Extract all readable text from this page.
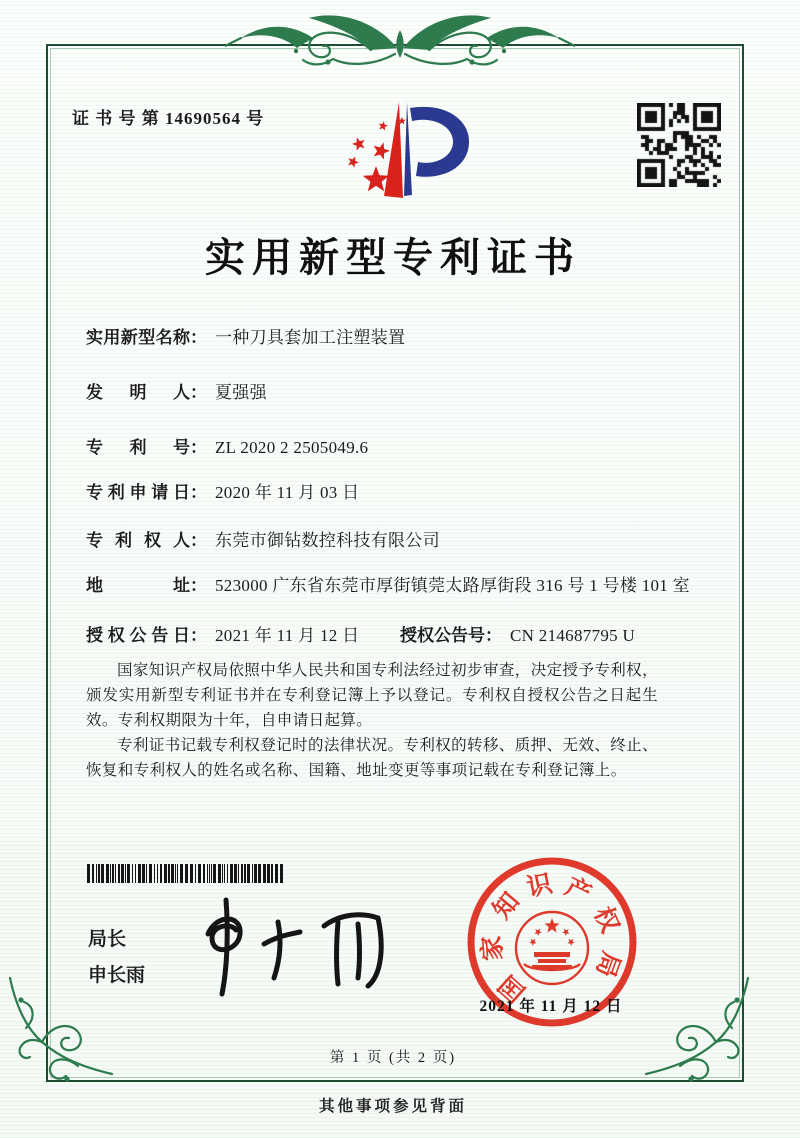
证 书 号 第 14690564 号
实用新型专利证书
实用新型名称 ： 一种刀具套加工注塑装置
发明人 ： 夏强强
专利号 ： ZL 2020 2 2505049.6
专利申请日 ： 2020 年 11 月 03 日
专利权人 ： 东莞市御钻数控科技有限公司
地址 ： 523000 广东省东莞市厚街镇莞太路厚街段 316 号 1 号楼 101 室
授权公告日 ： 2021 年 11 月 12 日 授权公告号 ： CN 214687795 U

国家知识产权局依照中华人民共和国专利法经过初步审查，决定授予专利权，颁发实用新型专利证书并在专利登记簿上予以登记。专利权自授权公告之日起生效。专利权期限为十年，自申请日起算。

专利证书记载专利权登记时的法律状况。专利权的转移、质押、无效、终止、恢复和专利权人的姓名或名称、国籍、地址变更等事项记载在专利登记簿上。

局长
申长雨	国
家
知
识 产
权
局
2021 年 11 月 12 日
第 1 页 (共 2 页)
其他事项参见背面
